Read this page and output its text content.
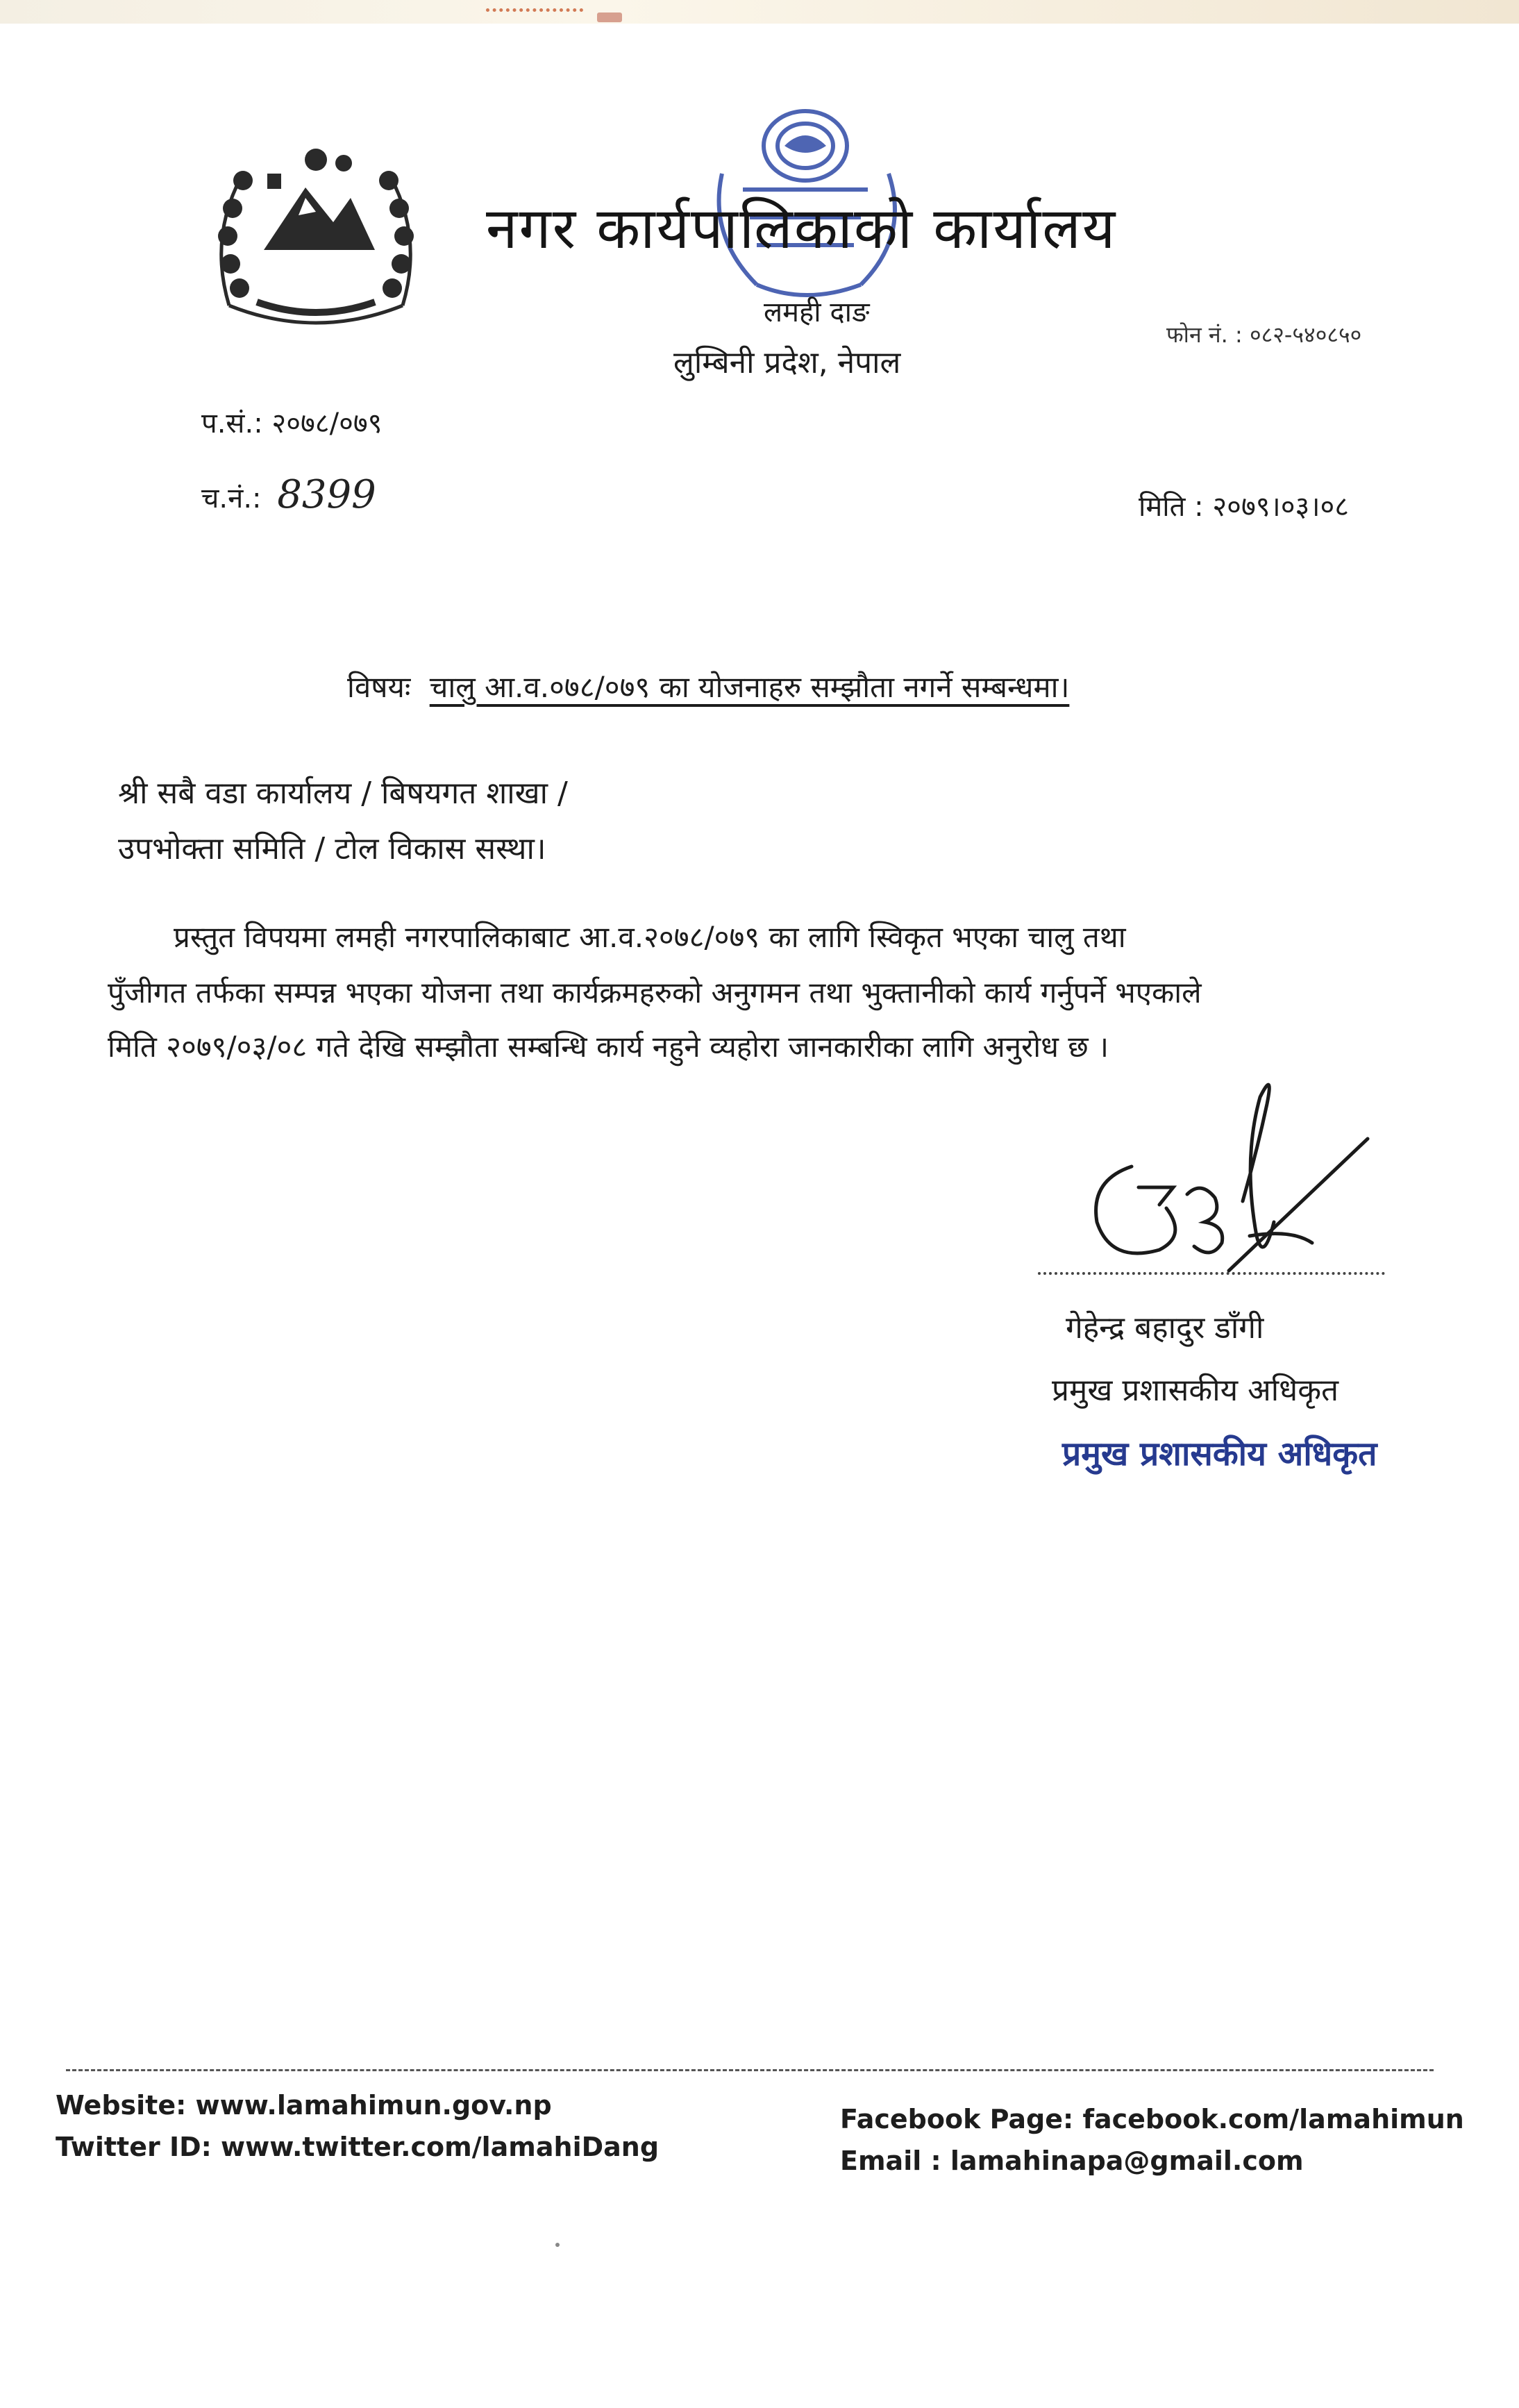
नगर कार्यपालिकाको कार्यालय
लमही दाङ
लुम्बिनी प्रदेश, नेपाल
फोन नं. : ०८२-५४०८५०
प.सं.: २०७८/०७९
च.नं.: 8399	मिति : २०७९।०३।०८
विषयः चालु आ.व.०७८/०७९ का योजनाहरु सम्झौता नगर्ने सम्बन्धमा।
श्री सबै वडा कार्यालय / बिषयगत शाखा /
उपभोक्ता समिति / टोल विकास सस्था।
प्रस्तुत विपयमा लमही नगरपालिकाबाट आ.व.२०७८/०७९ का लागि स्विकृत भएका चालु तथा
पुँजीगत तर्फका सम्पन्न भएका योजना तथा कार्यक्रमहरुको अनुगमन तथा भुक्तानीको कार्य गर्नुपर्ने भएकाले
मिति २०७९/०३/०८ गते देखि सम्झौता सम्बन्धि कार्य नहुने व्यहोरा जानकारीका लागि अनुरोध छ ।
गेहेन्द्र बहादुर डाँगी
प्रमुख प्रशासकीय अधिकृत
प्रमुख प्रशासकीय अधिकृत
Website: www.lamahimun.gov.np
Twitter ID: www.twitter.com/lamahiDang
Facebook Page: facebook.com/lamahimun
Email : lamahinapa@gmail.com
